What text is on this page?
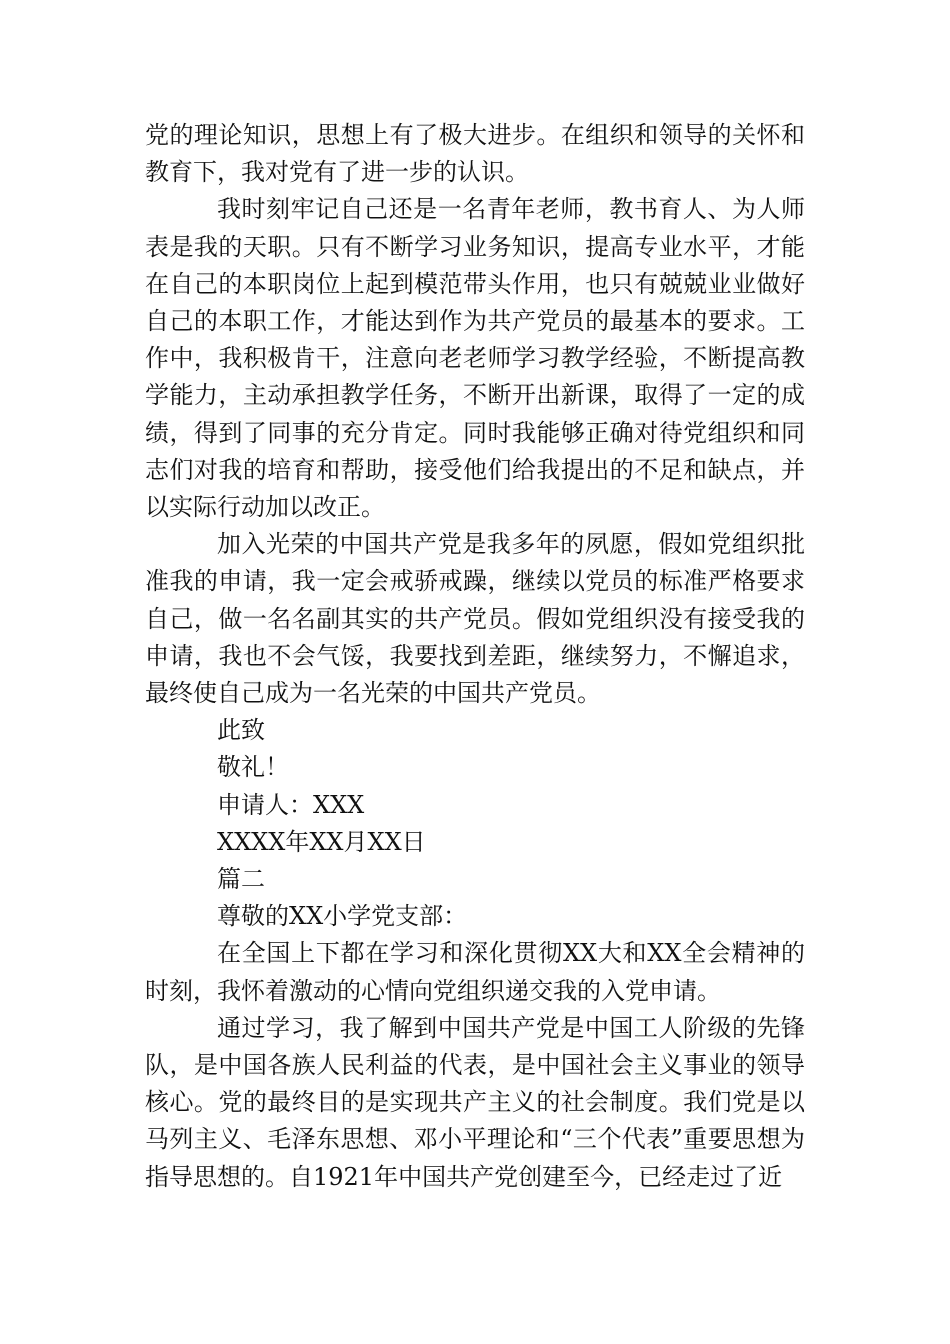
党的理论知识，思想上有了极大进步。在组织和领导的关怀和教育下，我对党有了进一步的认识。

我时刻牢记自己还是一名青年老师，教书育人、为人师表是我的天职。只有不断学习业务知识，提高专业水平，才能在自己的本职岗位上起到模范带头作用，也只有兢兢业业做好自己的本职工作，才能达到作为共产党员的最基本的要求。工作中，我积极肯干，注意向老老师学习教学经验，不断提高教学能力，主动承担教学任务，不断开出新课，取得了一定的成绩，得到了同事的充分肯定。同时我能够正确对待党组织和同志们对我的培育和帮助，接受他们给我提出的不足和缺点，并以实际行动加以改正。

加入光荣的中国共产党是我多年的夙愿，假如党组织批准我的申请，我一定会戒骄戒躁，继续以党员的标准严格要求自己，做一名名副其实的共产党员。假如党组织没有接受我的申请，我也不会气馁，我要找到差距，继续努力，不懈追求，最终使自己成为一名光荣的中国共产党员。

此致

敬礼！

申请人：XXX

XXXX年XX月XX日

篇二

尊敬的XX小学党支部：

在全国上下都在学习和深化贯彻XX大和XX全会精神的时刻，我怀着激动的心情向党组织递交我的入党申请。

通过学习，我了解到中国共产党是中国工人阶级的先锋队，是中国各族人民利益的代表，是中国社会主义事业的领导核心。党的最终目的是实现共产主义的社会制度。我们党是以马列主义、毛泽东思想、邓小平理论和“三个代表”重要思想为指导思想的。自1921年中国共产党创建至今，已经走过了近
